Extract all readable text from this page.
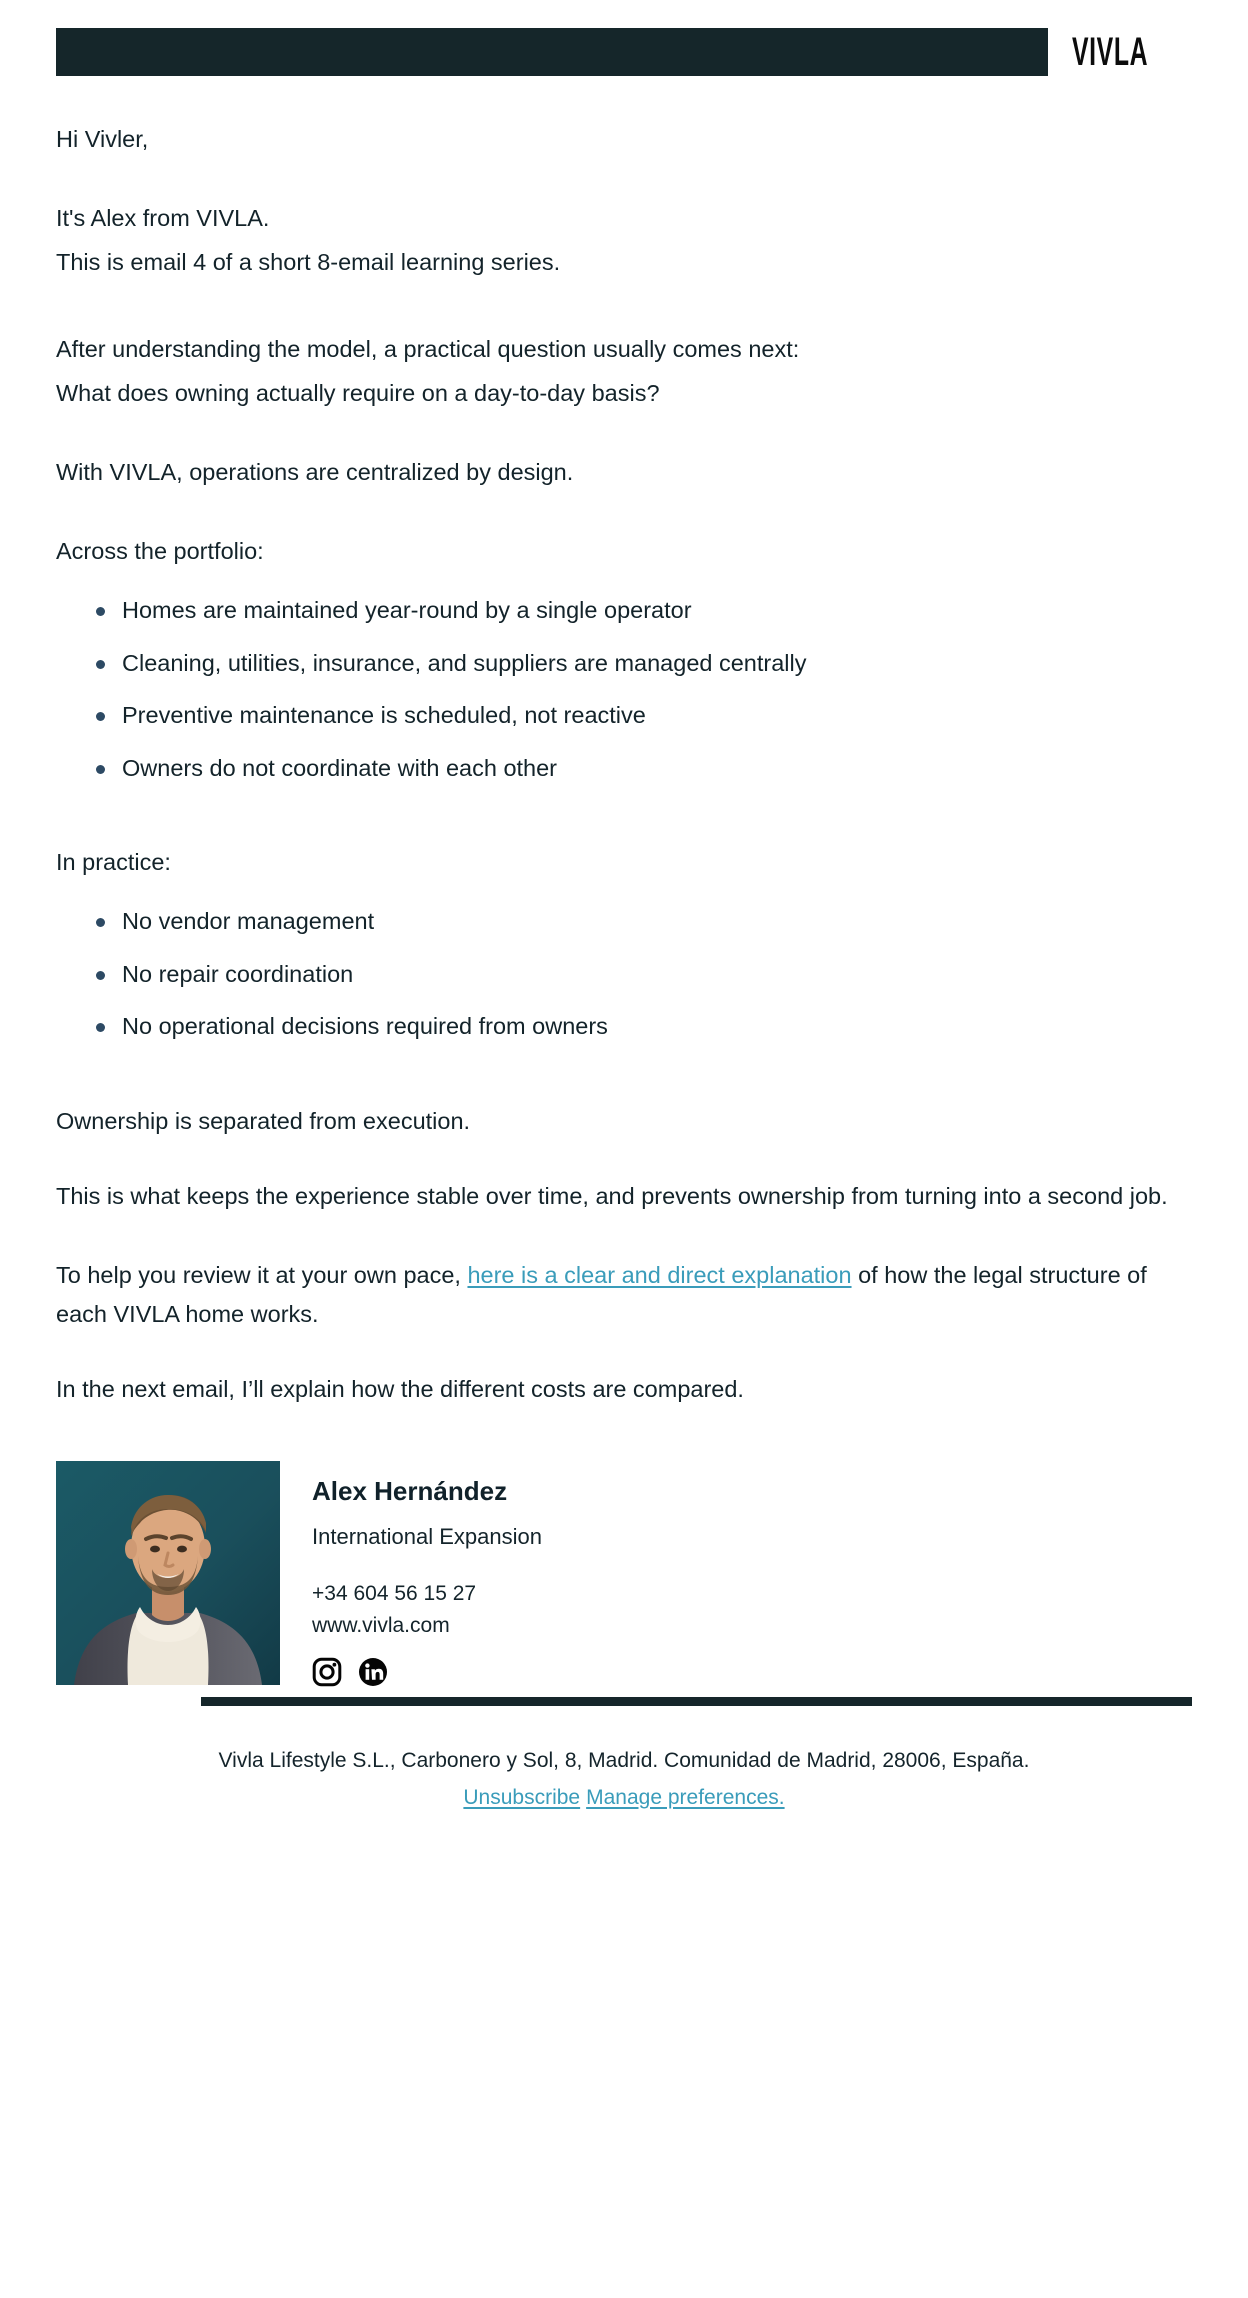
VIVLA

Hi Vivler,

It's Alex from VIVLA.

This is email 4 of a short 8-email learning series.

After understanding the model, a practical question usually comes next:

What does owning actually require on a day-to-day basis?

With VIVLA, operations are centralized by design.

Across the portfolio:

Homes are maintained year-round by a single operator
Cleaning, utilities, insurance, and suppliers are managed centrally
Preventive maintenance is scheduled, not reactive
Owners do not coordinate with each other

In practice:

No vendor management
No repair coordination
No operational decisions required from owners

Ownership is separated from execution.

This is what keeps the experience stable over time, and prevents ownership from turning into a second job.

To help you review it at your own pace, here is a clear and direct explanation of how the legal structure of each VIVLA home works.

In the next email, I’ll explain how the different costs are compared.

Alex Hernández

International Expansion

+34 604 56 15 27

www.vivla.com

Vivla Lifestyle S.L., Carbonero y Sol, 8, Madrid. Comunidad de Madrid, 28006, España.

Unsubscribe Manage preferences.
